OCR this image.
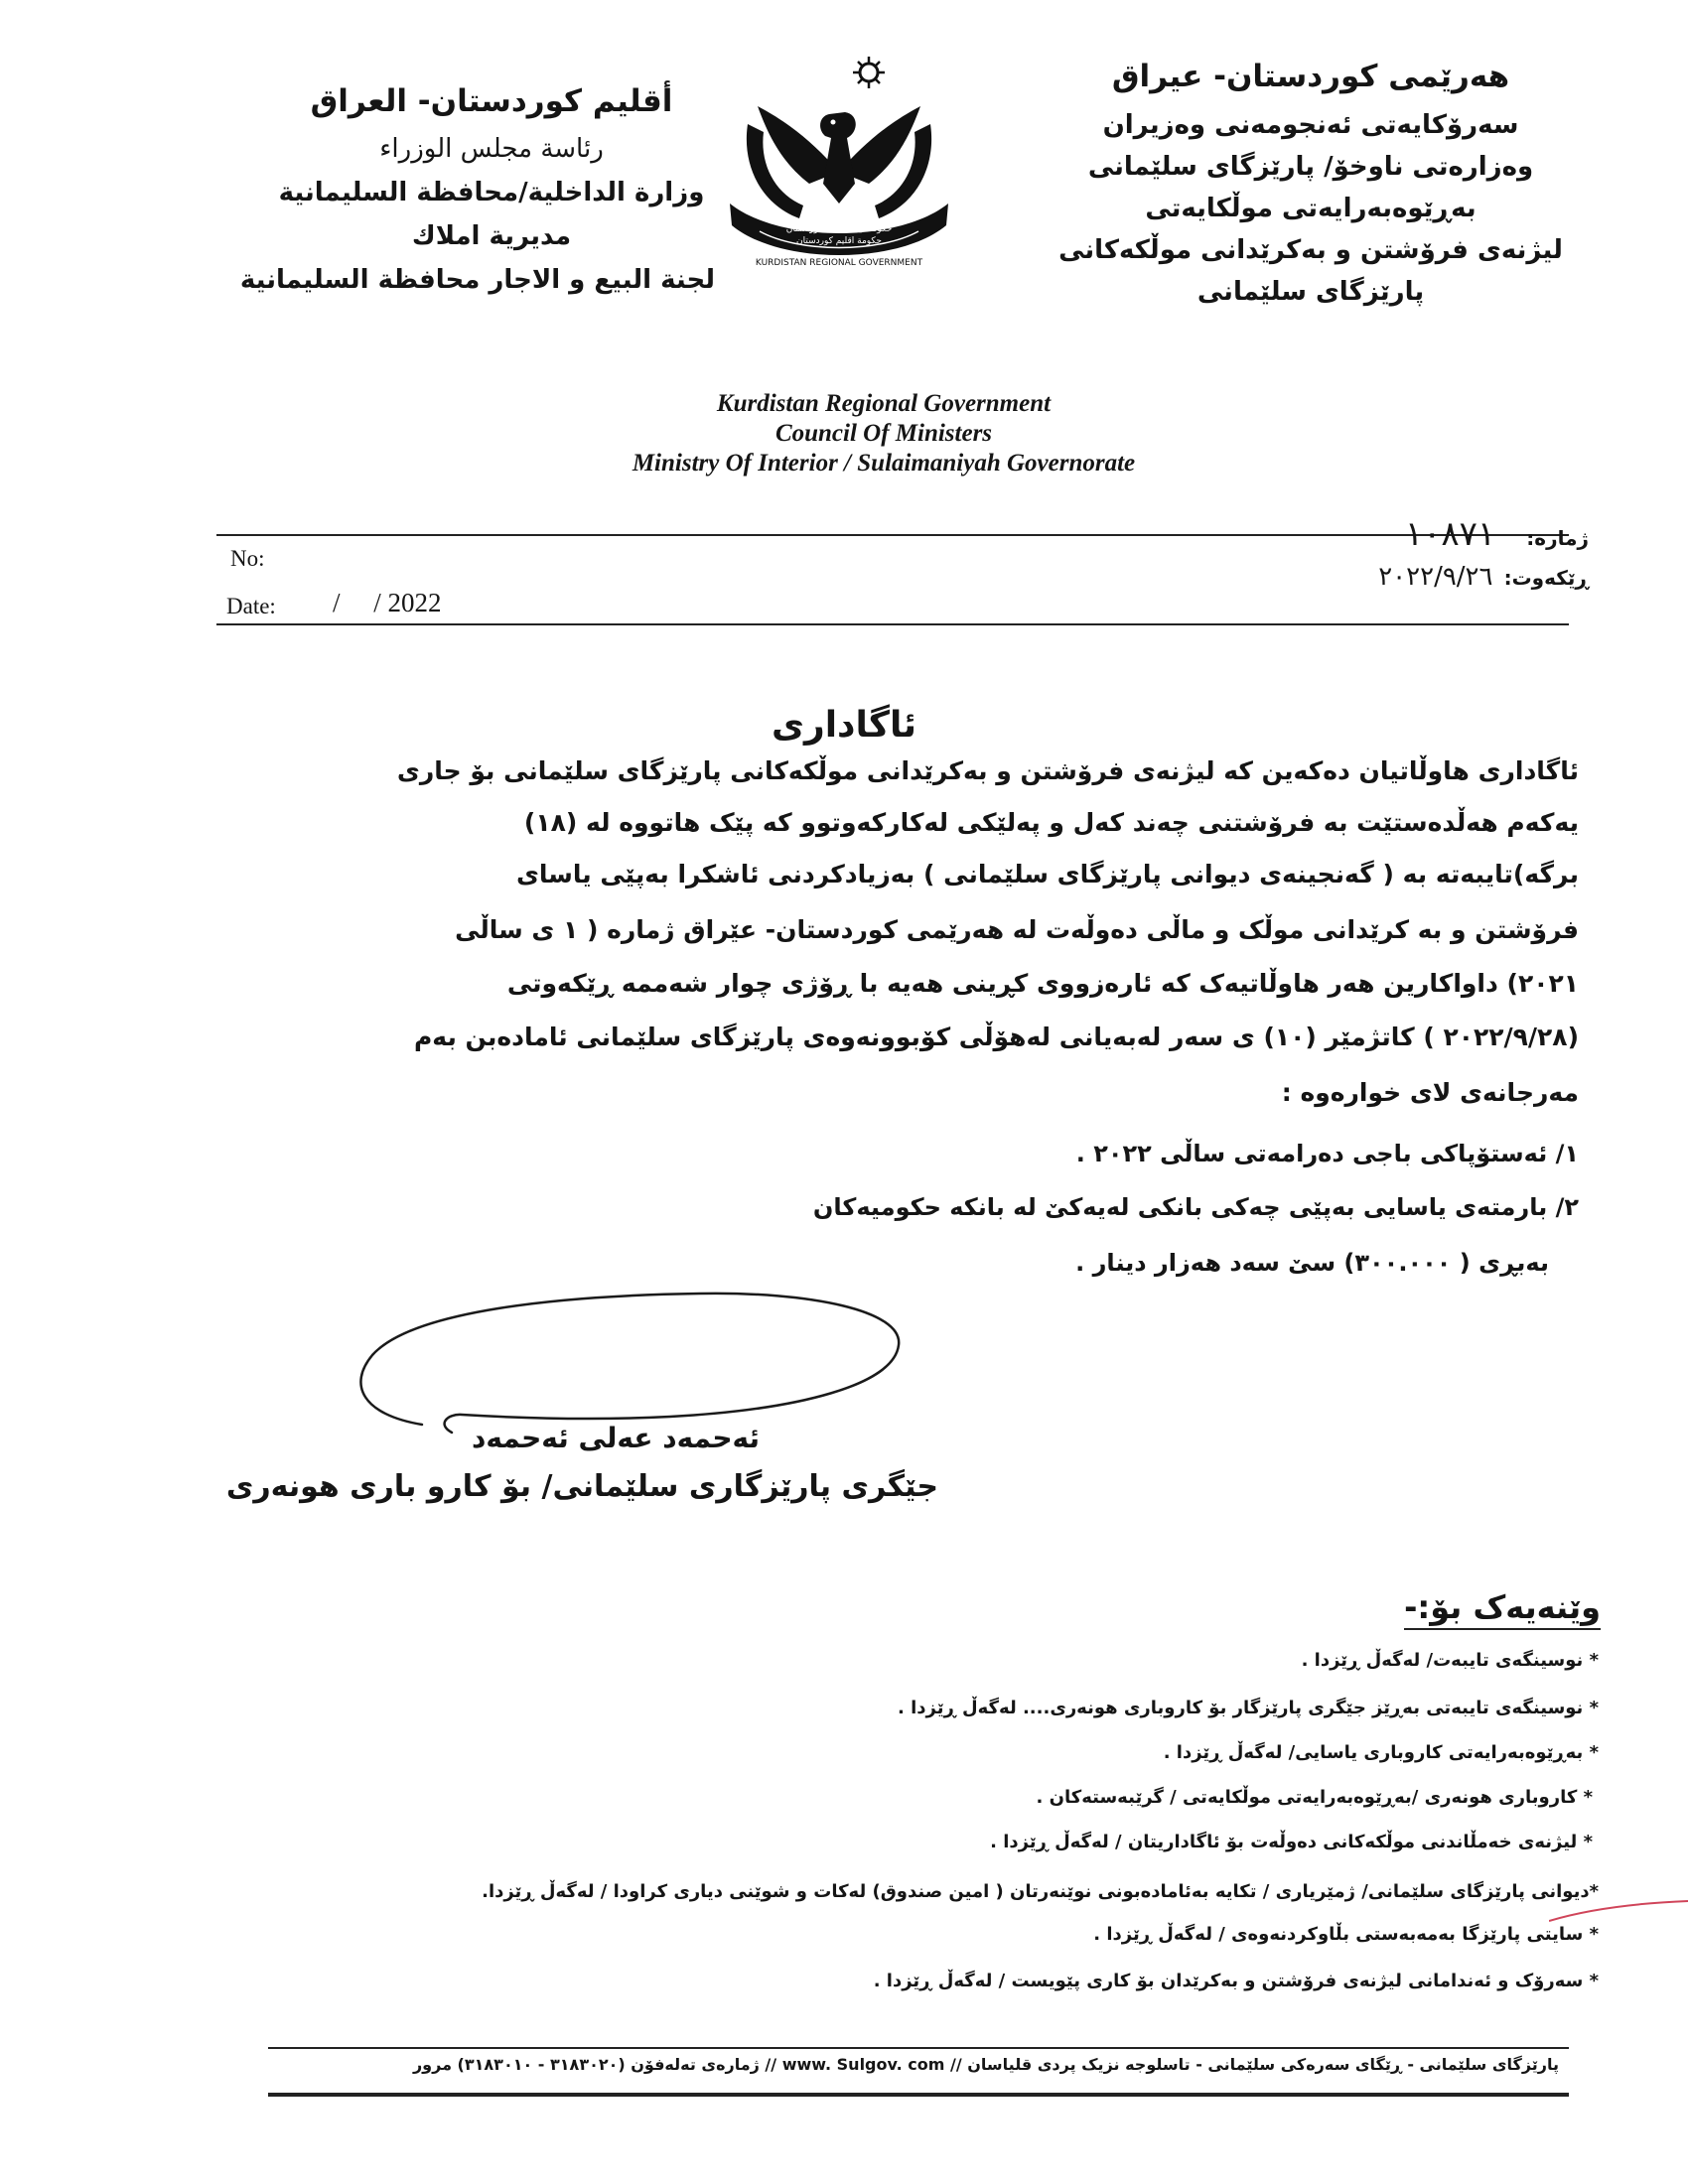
هەرێمی کوردستان- عیراق
سەرۆکایەتی ئەنجومەنی وەزیران
وەزارەتی ناوخۆ/ پارێزگای سلێمانی
بەڕێوەبەرایەتی موڵکایەتی
لیژنەی فرۆشتن و بەکرێدانی موڵکەکانی
پارێزگای سلێمانی
أقليم كوردستان- العراق
رئاسة مجلس الوزراء
وزارة الداخلية/محافظة السليمانية
مديرية املاك
لجنة البيع و الاجار محافظة السليمانية
حکومەتی هەرێمی کوردستان
حكومة اقليم كوردستان
KURDISTAN REGIONAL GOVERNMENT
Kurdistan Regional Government
Council Of Ministers
Ministry Of Interior / Sulaimaniyah Governorate
No:
Date: /     / 2022
ژمارە: ١٠٨٧١
ڕێکەوت: ٢٠٢٢/٩/٢٦
ئاگاداری
ئاگاداری هاوڵاتیان دەکەین کە لیژنەی فرۆشتن و بەکرێدانی موڵکەکانی پارێزگای سلێمانی بۆ جاری
یەکەم هەڵدەستێت بە فرۆشتنی چەند کەل و پەلێکی لەکارکەوتوو کە پێک هاتووە لە (١٨)
برگە)تایبەتە بە ( گەنجینەی دیوانی پارێزگای سلێمانی ) بەزیادکردنی ئاشکرا بەپێی یاسای
فرۆشتن و بە کرێدانی موڵک و ماڵی دەوڵەت لە هەرێمی کوردستان- عێراق ژمارە ( ١ ی ساڵی
٢٠٢١) داواکارین هەر هاوڵاتیەک کە ئارەزووی کڕینی هەیە با ڕۆژی چوار شەممە ڕێکەوتی
(٢٠٢٢/٩/٢٨ ) کاتژمێر (١٠) ی سەر لەبەیانی لەهۆڵی کۆبوونەوەی پارێزگای سلێمانی ئامادەبن بەم
مەرجانەی لای خوارەوە :
١/ ئەستۆپاکی باجی دەرامەتی ساڵی ٢٠٢٢ .
٢/ بارمتەی یاسایی بەپێی چەکی بانکی لەیەکێ لە بانکە حکومیەکان
بەبڕی ( ٣٠٠.٠٠٠) سێ سەد هەزار دینار .
ئەحمەد عەلی ئەحمەد
جێگری پارێزگاری سلێمانی/ بۆ کارو باری هونەری
وێنەیەک بۆ:-
* نوسینگەی تایبەت/ لەگەڵ ڕێزدا .
* نوسینگەی تایبەتی بەڕێز جێگری پارێزگار بۆ کاروباری هونەری.... لەگەڵ ڕێزدا .
* بەڕێوەبەرایەتی کاروباری یاسایی/ لەگەڵ ڕێزدا .
* کاروباری هونەری /بەڕێوەبەرایەتی موڵکایەتی / گرێبەستەکان .
* لیژنەی خەمڵاندنی موڵکەکانی دەوڵەت بۆ ئاگاداریتان / لەگەڵ ڕێزدا .
*دیوانی پارێزگای سلێمانی/ ژمێریاری / تکایە بەئامادەبونی نوێنەرتان ( امین صندوق) لەکات و شوێنی دیاری کراودا / لەگەڵ ڕێزدا.
* سایتی پارێزگا بەمەبەستی بڵاوکردنەوەی / لەگەڵ ڕێزدا .
* سەرۆک و ئەندامانی لیژنەی فرۆشتن و بەکرێدان بۆ کاری پێویست / لەگەڵ ڕێزدا .
پارێزگای سلێمانی - ڕێگای سەرەکی سلێمانی - تاسلوجە نزیک پردی قلیاسان // www. Sulgov. com // ژمارەی تەلەفۆن (٣١٨٣٠٢٠ - ٣١٨٣٠١٠) مرور
